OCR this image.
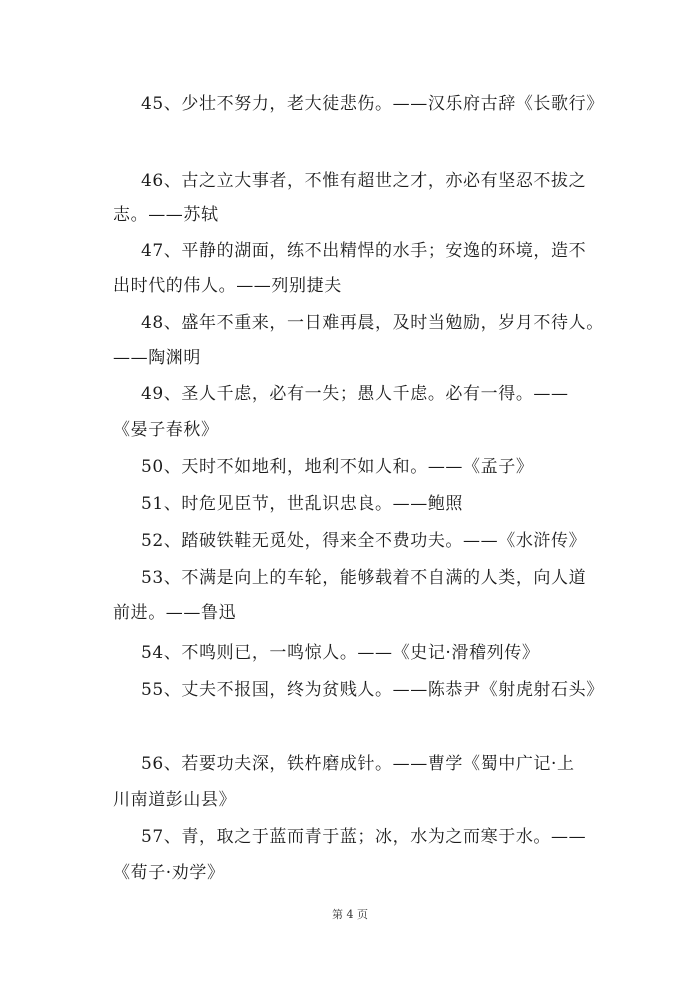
45、少壮不努力，老大徒悲伤。——汉乐府古辞《长歌行》
46、古之立大事者，不惟有超世之才，亦必有坚忍不拔之
志。——苏轼
47、平静的湖面，练不出精悍的水手；安逸的环境，造不
出时代的伟人。——列别捷夫
48、盛年不重来，一日难再晨，及时当勉励，岁月不待人。
——陶渊明
49、圣人千虑，必有一失；愚人千虑。必有一得。——
《晏子春秋》
50、天时不如地利，地利不如人和。——《孟子》
51、时危见臣节，世乱识忠良。——鲍照
52、踏破铁鞋无觅处，得来全不费功夫。——《水浒传》
53、不满是向上的车轮，能够载着不自满的人类，向人道
前进。——鲁迅
54、不鸣则已，一鸣惊人。——《史记·滑稽列传》
55、丈夫不报国，终为贫贱人。——陈恭尹《射虎射石头》
56、若要功夫深，铁杵磨成针。——曹学《蜀中广记·上
川南道彭山县》
57、青，取之于蓝而青于蓝；冰，水为之而寒于水。——
《荀子·劝学》
第 4 页
